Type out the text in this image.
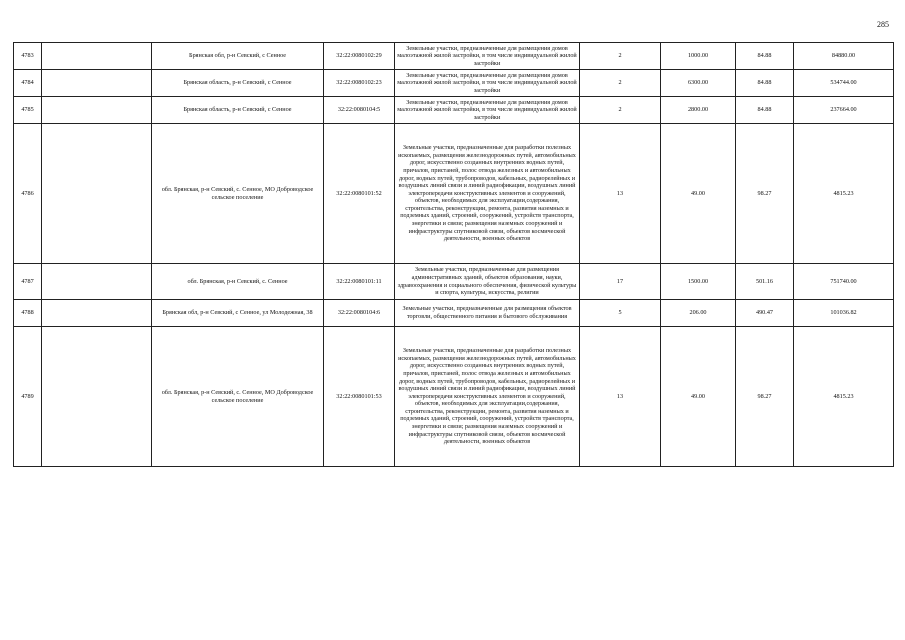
285
4783		Брянская обл, р-н Севский, с Сенное	32:22:0080102:29	Земельные участки, предназначенные для размещения домов малоэтажной жилой застройки, в том числе индивидуальной жилой застройки	2	1000.00	84.88	84880.00
4784		Брянская область, р-н Севский, с Сенное	32:22:0080102:23	Земельные участки, предназначенные для размещения домов малоэтажной жилой застройки, в том числе индивидуальной жилой застройки	2	6300.00	84.88	534744.00
4785		Брянская область, р-н Севский, с Сенное	32:22:0080104:5	Земельные участки, предназначенные для размещения домов малоэтажной жилой застройки, в том числе индивидуальной жилой застройки	2	2800.00	84.88	237664.00
4786		обл. Брянская, р-н Севский, с. Сенное, МО Доброводское сельское поселение	32:22:0080101:52	Земельные участки, предназначенные для разработки полезных ископаемых, размещения железнодорожных путей, автомобильных дорог, искусственно созданных внутренних водных путей, причалов, пристаней, полос отвода железных и автомобильных дорог, водных путей, трубопроводов, кабельных, радиорелейных и воздушных линий связи и линий радиофикации, воздушных линий электропередачи конструктивных элементов и сооружений, объектов, необходимых для эксплуатации,содержания, строительства, реконструкции, ремонта, развития наземных и подземных зданий, строений, сооружений, устройств транспорта, энергетики и связи; размещения наземных сооружений и инфраструктуры спутниковой связи, объектов космической деятельности, военных объектов	13	49.00	98.27	4815.23
4787		обл. Брянская, р-н Севский, с. Сенное	32:22:0080101:11	Земельные участки, предназначенные для размещения административных зданий, объектов образования, науки, здравоохранения и социального обеспечения, физической культуры и спорта, культуры, искусства, религии	17	1500.00	501.16	751740.00
4788		Брянская обл, р-н Севский, с Сенное, ул Молодежная, 38	32:22:0080104:6	Земельные участки, предназначенные для размещения объектов торговли, общественного питания и бытового обслуживания	5	206.00	490.47	101036.82
4789		обл. Брянская, р-н Севский, с. Сенное, МО Доброводское сельское поселение	32:22:0080101:53	Земельные участки, предназначенные для разработки полезных ископаемых, размещения железнодорожных путей, автомобильных дорог, искусственно созданных внутренних водных путей, причалов, пристаней, полос отвода железных и автомобильных дорог, водных путей, трубопроводов, кабельных, радиорелейных и воздушных линий связи и линий радиофикации, воздушных линий электропередачи конструктивных элементов и сооружений, объектов, необходимых для эксплуатации,содержания, строительства, реконструкции, ремонта, развития наземных и подземных зданий, строений, сооружений, устройств транспорта, энергетики и связи; размещения наземных сооружений и инфраструктуры спутниковой связи, объектов космической деятельности, военных объектов	13	49.00	98.27	4815.23
